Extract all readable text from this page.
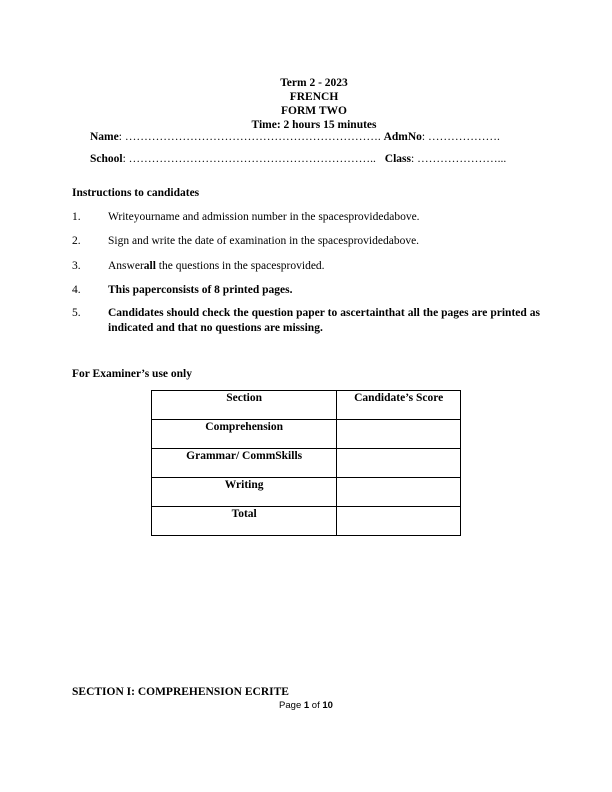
Term 2 - 2023
FRENCH
FORM TWO
Time: 2 hours 15 minutes
Name: …………………………………………………………. AdmNo: ……………….
School: ……………………………………………………….. Class: …………………...
Instructions to candidates
1. Writeyourname and admission number in the spacesprovidedabove.
2. Sign and write the date of examination in the spacesprovidedabove.
3. Answerall the questions in the spacesprovided.
4. This paperconsists of 8 printed pages.
5. Candidates should check the question paper to ascertainthat all the pages are printed as indicated and that no questions are missing.
For Examiner’s use only
Section	Candidate’s Score
Comprehension	
Grammar/ CommSkills	
Writing	
Total	
SECTION I: COMPREHENSION ECRITE
Page 1 of 10
